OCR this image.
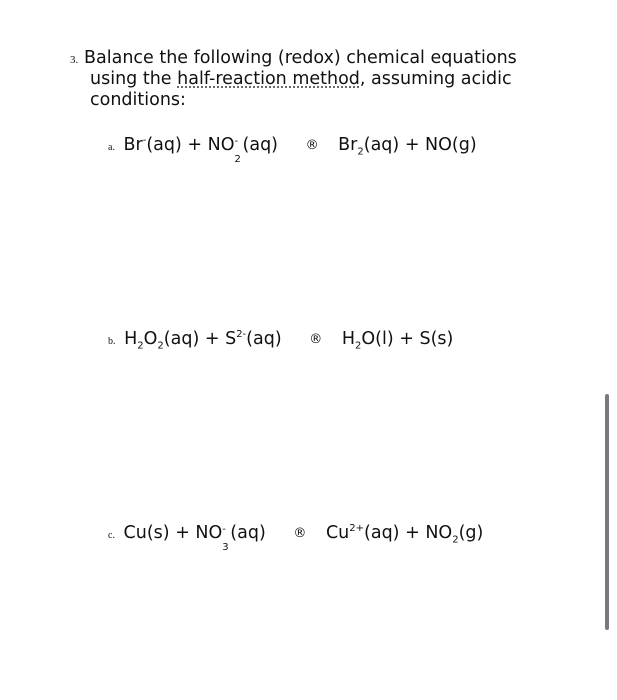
3. Balance the following (redox) chemical equations
using the half-reaction method, assuming acidic
conditions:
a. Br-(aq) + NO -
2
(aq) ® $Br_2(aq) + NO(g)$
b. $H_2O_2(aq) + S^{2-}(aq)$ ® $H_2O(l) + S(s)$
c. Cu(s) + NO -
3
(aq) ® $Cu^{2+}(aq) + NO_2(g)$
